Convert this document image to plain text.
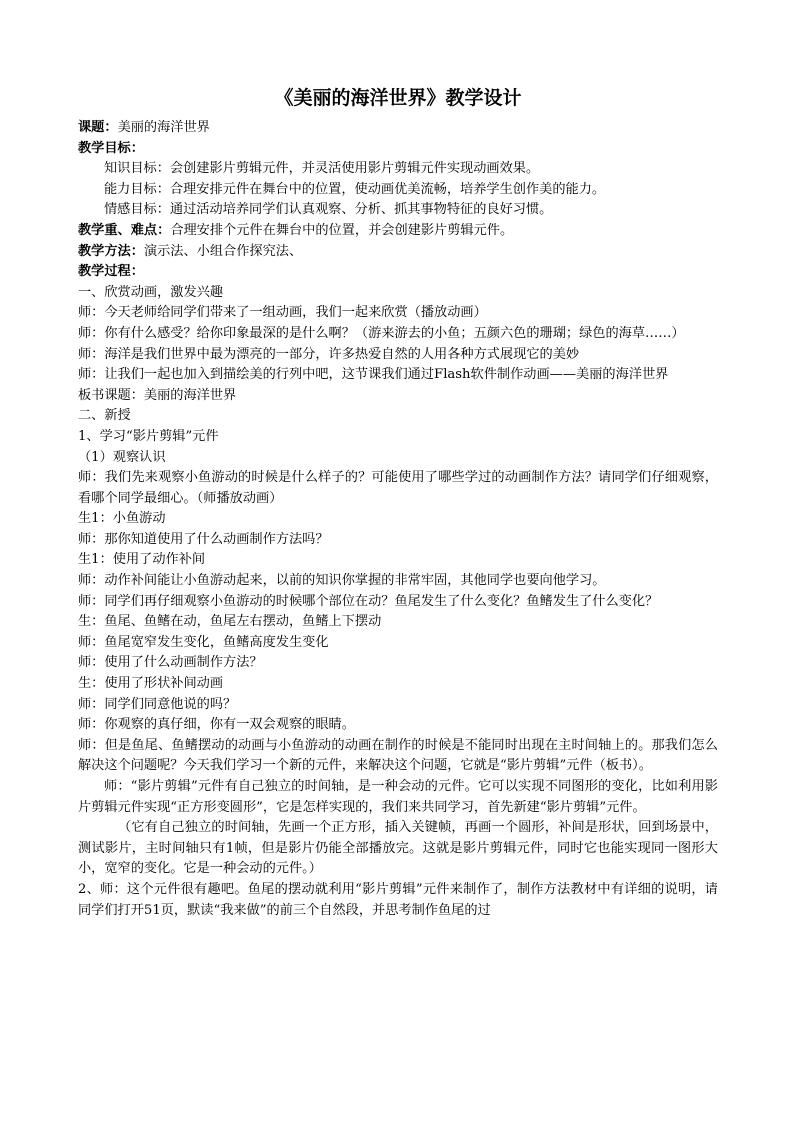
《美丽的海洋世界》教学设计

课题：美丽的海洋世界

教学目标：

知识目标：会创建影片剪辑元件，并灵活使用影片剪辑元件实现动画效果。

能力目标：合理安排元件在舞台中的位置，使动画优美流畅，培养学生创作美的能力。

情感目标：通过活动培养同学们认真观察、分析、抓其事物特征的良好习惯。

教学重、难点：合理安排个元件在舞台中的位置，并会创建影片剪辑元件。

教学方法：演示法、小组合作探究法、

教学过程：

一、欣赏动画，激发兴趣

师：今天老师给同学们带来了一组动画，我们一起来欣赏（播放动画）

师：你有什么感受？给你印象最深的是什么啊？（游来游去的小鱼；五颜六色的珊瑚；绿色的海草……）

师：海洋是我们世界中最为漂亮的一部分，许多热爱自然的人用各种方式展现它的美妙

师：让我们一起也加入到描绘美的行列中吧，这节课我们通过Flash软件制作动画——美丽的海洋世界

板书课题：美丽的海洋世界

二、新授

1、学习“影片剪辑”元件

（1）观察认识

师：我们先来观察小鱼游动的时候是什么样子的？可能使用了哪些学过的动画制作方法？请同学们仔细观察，看哪个同学最细心。（师播放动画）

生1：小鱼游动

师：那你知道使用了什么动画制作方法吗？

生1：使用了动作补间

师：动作补间能让小鱼游动起来，以前的知识你掌握的非常牢固，其他同学也要向他学习。

师：同学们再仔细观察小鱼游动的时候哪个部位在动？鱼尾发生了什么变化？鱼鳍发生了什么变化？

生：鱼尾、鱼鳍在动，鱼尾左右摆动，鱼鳍上下摆动

师：鱼尾宽窄发生变化，鱼鳍高度发生变化

师：使用了什么动画制作方法？

生：使用了形状补间动画

师：同学们同意他说的吗？

师：你观察的真仔细，你有一双会观察的眼睛。

师：但是鱼尾、鱼鳍摆动的动画与小鱼游动的动画在制作的时候是不能同时出现在主时间轴上的。那我们怎么解决这个问题呢？今天我们学习一个新的元件，来解决这个问题，它就是“影片剪辑”元件（板书）。

师：“影片剪辑”元件有自己独立的时间轴，是一种会动的元件。它可以实现不同图形的变化，比如利用影片剪辑元件实现“正方形变圆形”，它是怎样实现的，我们来共同学习，首先新建“影片剪辑”元件。

（它有自己独立的时间轴，先画一个正方形，插入关键帧，再画一个圆形，补间是形状，回到场景中，测试影片，主时间轴只有1帧，但是影片仍能全部播放完。这就是影片剪辑元件，同时它也能实现同一图形大小，宽窄的变化。它是一种会动的元件。）

2、师：这个元件很有趣吧。鱼尾的摆动就利用“影片剪辑”元件来制作了，制作方法教材中有详细的说明，请同学们打开51页，默读“我来做”的前三个自然段，并思考制作鱼尾的过
